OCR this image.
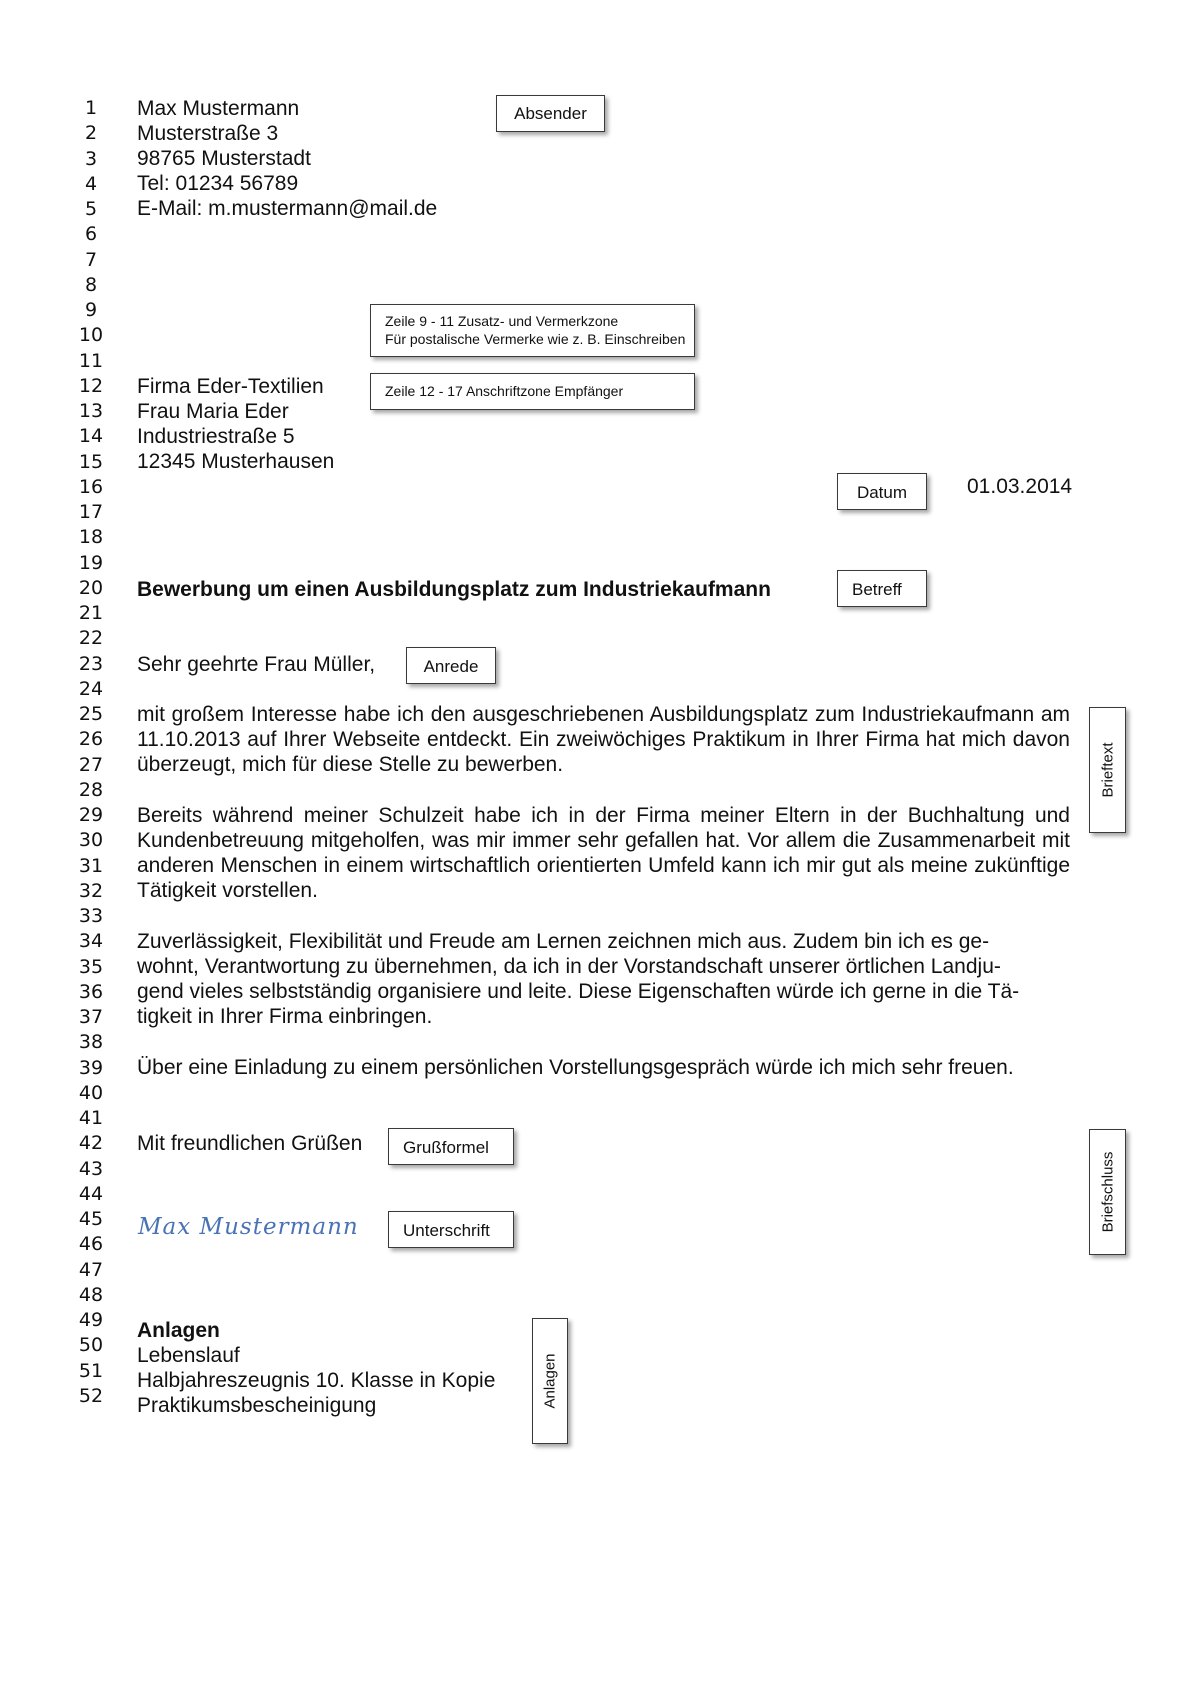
1
2
3
4
5
6
7
8
9
10
11
12
13
14
15
16
17
18
19
20
21
22
23
24
25
26
27
28
29
30
31
32
33
34
35
36
37
38
39
40
41
42
43
44
45
46
47
48
49
50
51
52
Max Mustermann
Musterstraße 3
98765 Musterstadt
Tel: 01234 56789
E-Mail: m.mustermann@mail.de
Firma Eder-Textilien
Frau Maria Eder
Industriestraße 5
12345 Musterhausen
01.03.2014
Bewerbung um einen Ausbildungsplatz zum Industriekaufmann
Sehr geehrte Frau Müller,
mit großem Interesse habe ich den ausgeschriebenen Ausbildungsplatz zum Industriekaufmann am 11.10.2013 auf Ihrer Webseite entdeckt. Ein zweiwöchiges Praktikum in Ihrer Firma hat mich davon überzeugt, mich für diese Stelle zu bewerben.
Bereits während meiner Schulzeit habe ich in der Firma meiner Eltern in der Buchhaltung und Kundenbetreuung mitgeholfen, was mir immer sehr gefallen hat. Vor allem die Zusammenarbeit mit anderen Menschen in einem wirtschaftlich orientierten Umfeld kann ich mir gut als meine zukünftige Tätigkeit vorstellen.
Zuverlässigkeit, Flexibilität und Freude am Lernen zeichnen mich aus. Zudem bin ich es ge-
wohnt, Verantwortung zu übernehmen, da ich in der Vorstandschaft unserer örtlichen Landju-
gend vieles selbstständig organisiere und leite. Diese Eigenschaften würde ich gerne in die Tä-
tigkeit in Ihrer Firma einbringen.
Über eine Einladung zu einem persönlichen Vorstellungsgespräch würde ich mich sehr freuen.
Mit freundlichen Grüßen
Max Mustermann
Anlagen
Lebenslauf
Halbjahreszeugnis 10. Klasse in Kopie
Praktikumsbescheinigung
Absender
Zeile 9 - 11 Zusatz- und Vermerkzone
Für postalische Vermerke wie z. B. Einschreiben
Zeile 12 - 17 Anschriftzone Empfänger
Datum
Betreff
Anrede
Brieftext
Grußformel
Unterschrift	Briefschluss
Anlagen
